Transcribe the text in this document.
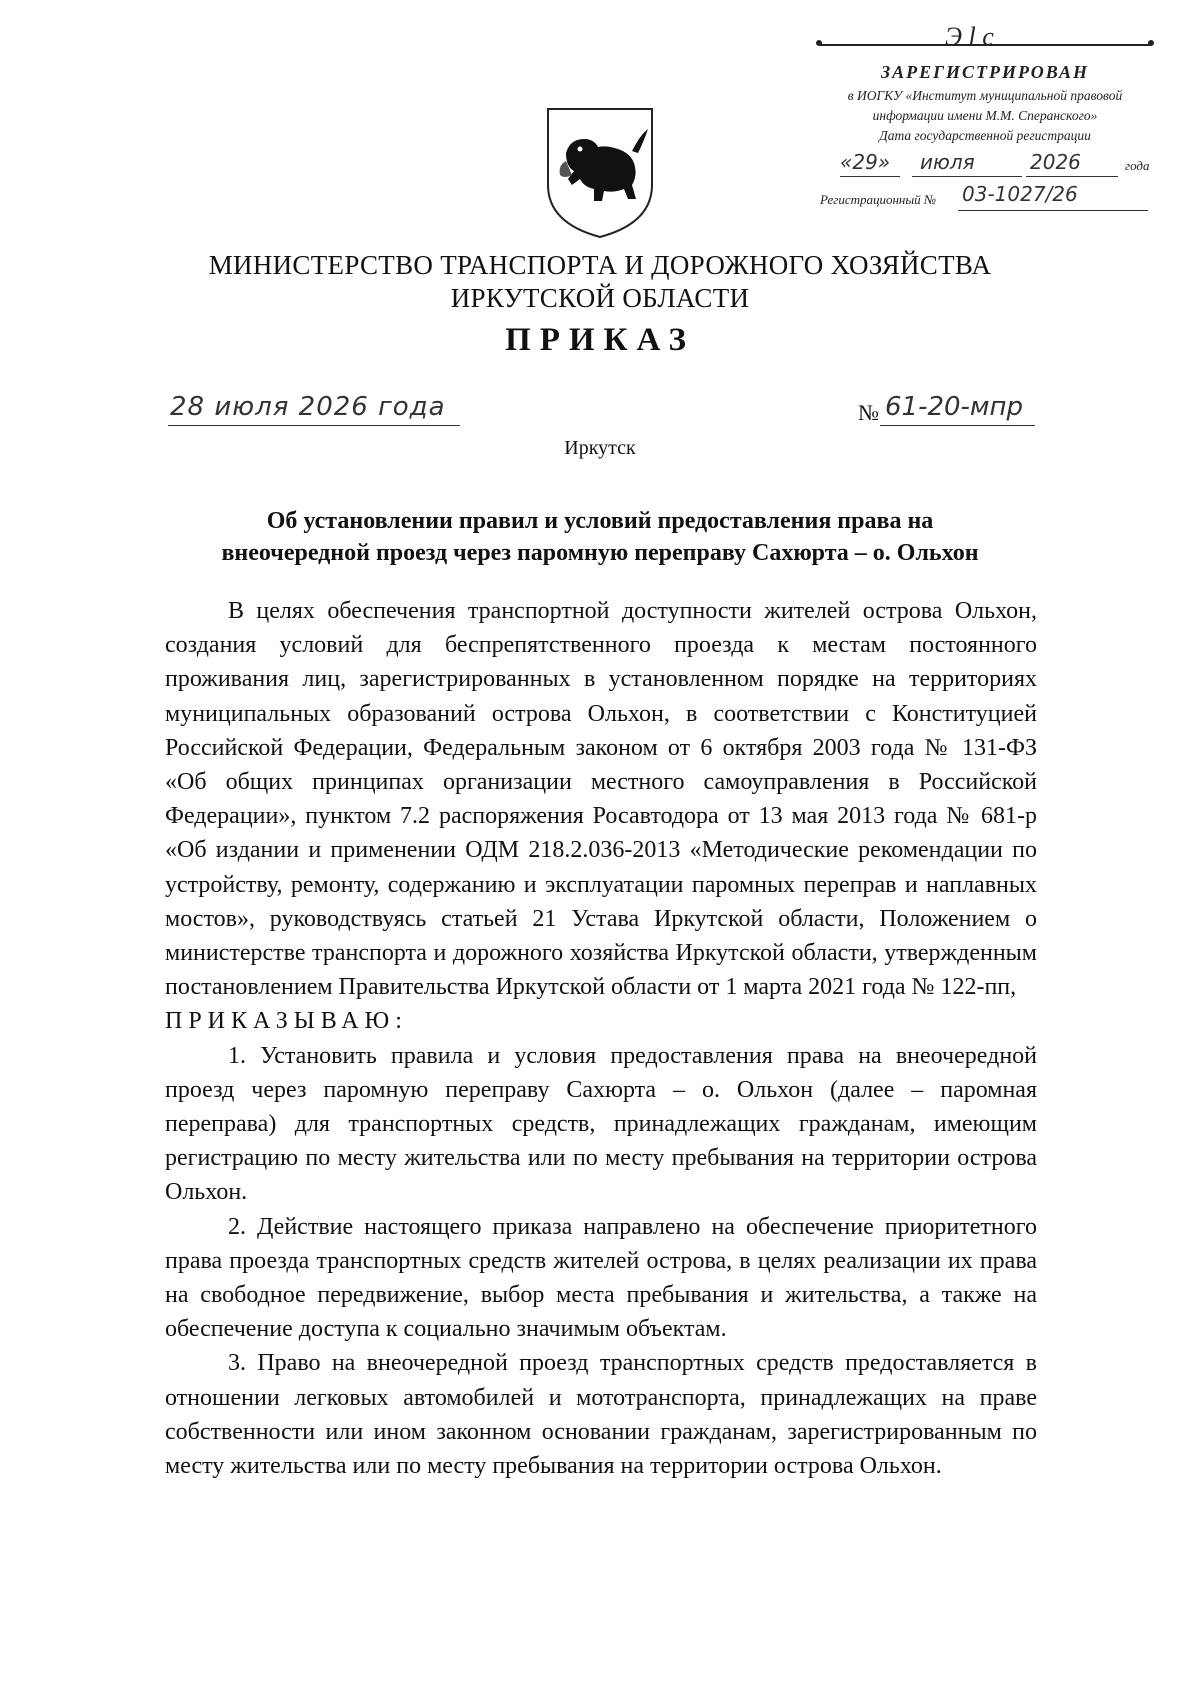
Э l с
ЗАРЕГИСТРИРОВАН
в ИОГКУ «Институт муниципальной правовой
информации имени М.М. Сперанского»
Дата государственной регистрации
«29» июля	2026	года
Регистрационный № 03-1027/26
МИНИСТЕРСТВО ТРАНСПОРТА И ДОРОЖНОГО ХОЗЯЙСТВА
ИРКУТСКОЙ ОБЛАСТИ
ПРИКАЗ
28 июля 2026 года	№ 61-20-мпр
Иркутск
Об установлении правил и условий предоставления права на
внеочередной проезд через паромную переправу Сахюрта – о. Ольхон

В целях обеспечения транспортной доступности жителей острова Ольхон, создания условий для беспрепятственного проезда к местам постоянного проживания лиц, зарегистрированных в установленном порядке на территориях муниципальных образований острова Ольхон, в соответствии с Конституцией Российской Федерации, Федеральным законом от 6 октября 2003 года № 131-ФЗ «Об общих принципах организации местного самоуправления в Российской Федерации», пунктом 7.2 распоряжения Росавтодора от 13 мая 2013 года № 681-р «Об издании и применении ОДМ 218.2.036-2013 «Методические рекомендации по устройству, ремонту, содержанию и эксплуатации паромных переправ и наплавных мостов», руководствуясь статьей 21 Устава Иркутской области, Положением о министерстве транспорта и дорожного хозяйства Иркутской области, утвержденным постановлением Правительства Иркутской области от 1 марта 2021 года № 122-пп,

ПРИКАЗЫВАЮ:

1. Установить правила и условия предоставления права на внеочередной проезд через паромную переправу Сахюрта – о. Ольхон (далее – паромная переправа) для транспортных средств, принадлежащих гражданам, имеющим регистрацию по месту жительства или по месту пребывания на территории острова Ольхон.

2. Действие настоящего приказа направлено на обеспечение приоритетного права проезда транспортных средств жителей острова, в целях реализации их права на свободное передвижение, выбор места пребывания и жительства, а также на обеспечение доступа к социально значимым объектам.

3. Право на внеочередной проезд транспортных средств предоставляется в отношении легковых автомобилей и мототранспорта, принадлежащих на праве собственности или ином законном основании гражданам, зарегистрированным по месту жительства или по месту пребывания на территории острова Ольхон.
